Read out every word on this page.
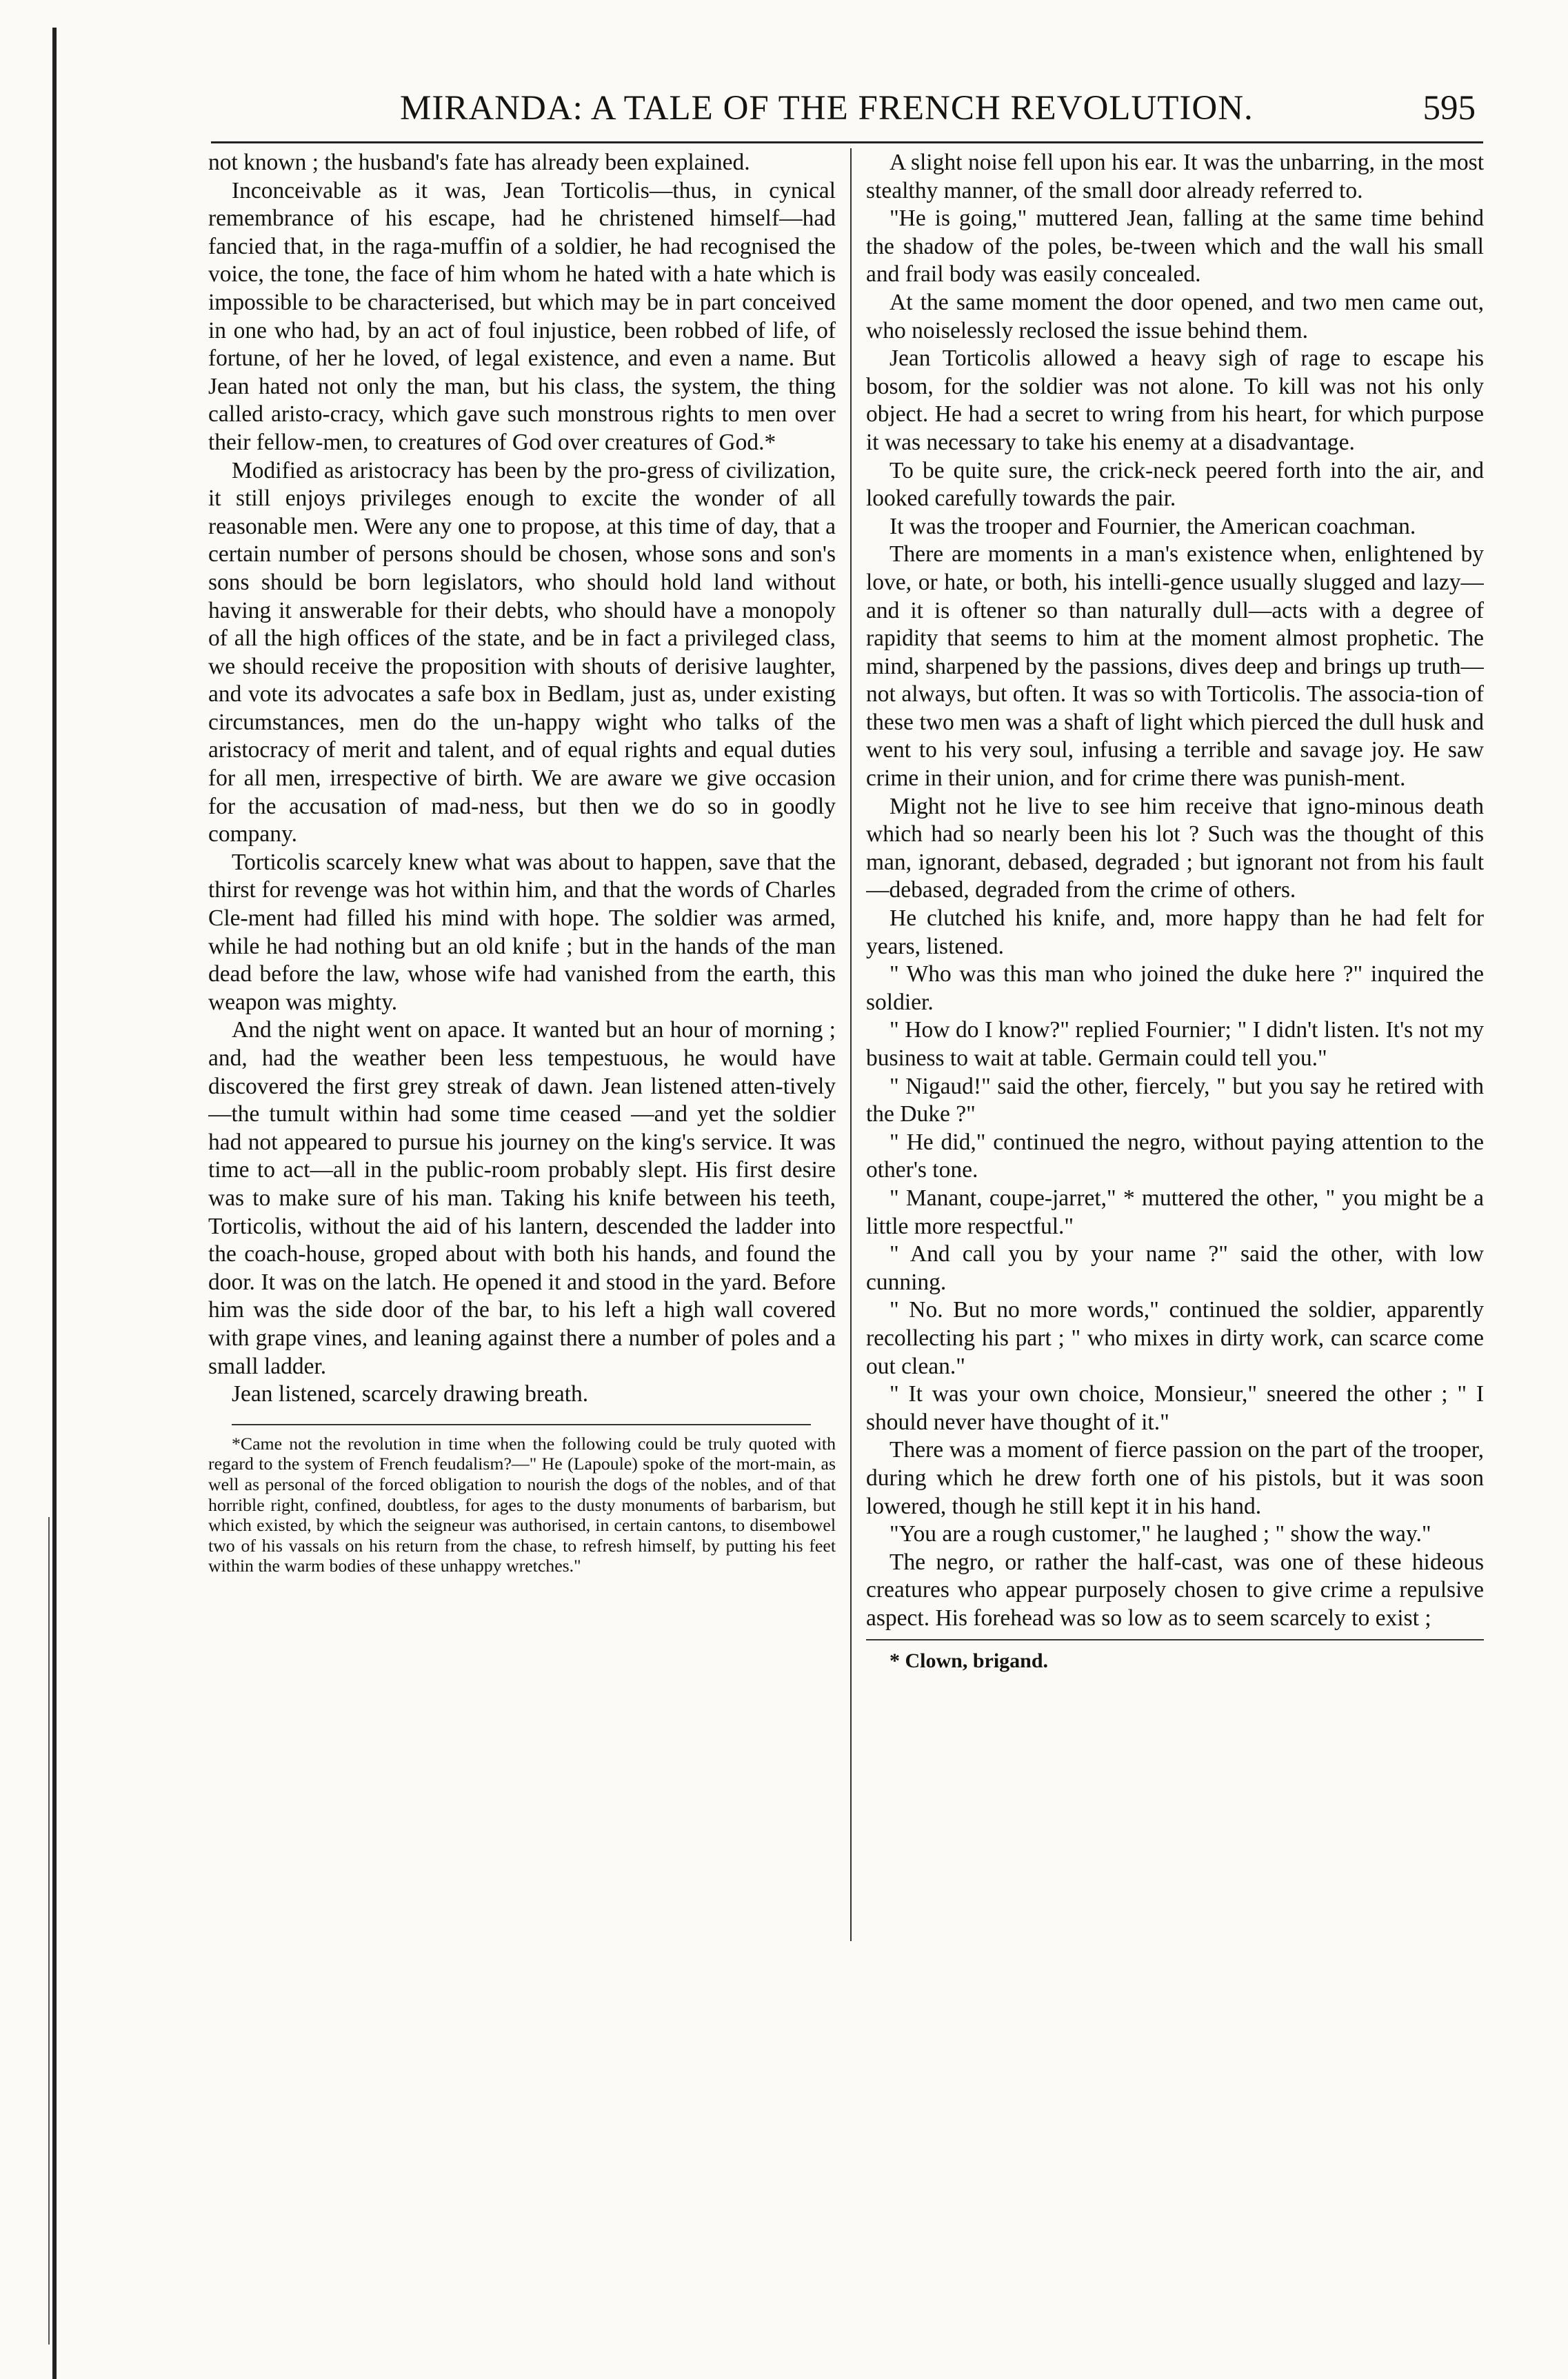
MIRANDA: A TALE OF THE FRENCH REVOLUTION.	595

not known ; the husband's fate has already been explained.

Inconceivable as it was, Jean Torticolis—thus, in cynical remembrance of his escape, had he christened himself—had fancied that, in the raga-muffin of a soldier, he had recognised the voice, the tone, the face of him whom he hated with a hate which is impossible to be characterised, but which may be in part conceived in one who had, by an act of foul injustice, been robbed of life, of fortune, of her he loved, of legal existence, and even a name. But Jean hated not only the man, but his class, the system, the thing called aristo-cracy, which gave such monstrous rights to men over their fellow-men, to creatures of God over creatures of God.*

Modified as aristocracy has been by the pro-gress of civilization, it still enjoys privileges enough to excite the wonder of all reasonable men. Were any one to propose, at this time of day, that a certain number of persons should be chosen, whose sons and son's sons should be born legislators, who should hold land without having it answerable for their debts, who should have a monopoly of all the high offices of the state, and be in fact a privileged class, we should receive the proposition with shouts of derisive laughter, and vote its advocates a safe box in Bedlam, just as, under existing circumstances, men do the un-happy wight who talks of the aristocracy of merit and talent, and of equal rights and equal duties for all men, irrespective of birth. We are aware we give occasion for the accusation of mad-ness, but then we do so in goodly company.

Torticolis scarcely knew what was about to happen, save that the thirst for revenge was hot within him, and that the words of Charles Cle-ment had filled his mind with hope. The soldier was armed, while he had nothing but an old knife ; but in the hands of the man dead before the law, whose wife had vanished from the earth, this weapon was mighty.

And the night went on apace. It wanted but an hour of morning ; and, had the weather been less tempestuous, he would have discovered the first grey streak of dawn. Jean listened atten-tively—the tumult within had some time ceased —and yet the soldier had not appeared to pursue his journey on the king's service. It was time to act—all in the public-room probably slept. His first desire was to make sure of his man. Taking his knife between his teeth, Torticolis, without the aid of his lantern, descended the ladder into the coach-house, groped about with both his hands, and found the door. It was on the latch. He opened it and stood in the yard. Before him was the side door of the bar, to his left a high wall covered with grape vines, and leaning against there a number of poles and a small ladder.

Jean listened, scarcely drawing breath.

*Came not the revolution in time when the following could be truly quoted with regard to the system of French feudalism?—" He (Lapoule) spoke of the mort-main, as well as personal of the forced obligation to nourish the dogs of the nobles, and of that horrible right, confined, doubtless, for ages to the dusty monuments of barbarism, but which existed, by which the seigneur was authorised, in certain cantons, to disembowel two of his vassals on his return from the chase, to refresh himself, by putting his feet within the warm bodies of these unhappy wretches."

A slight noise fell upon his ear. It was the unbarring, in the most stealthy manner, of the small door already referred to.

"He is going," muttered Jean, falling at the same time behind the shadow of the poles, be-tween which and the wall his small and frail body was easily concealed.

At the same moment the door opened, and two men came out, who noiselessly reclosed the issue behind them.

Jean Torticolis allowed a heavy sigh of rage to escape his bosom, for the soldier was not alone. To kill was not his only object. He had a secret to wring from his heart, for which purpose it was necessary to take his enemy at a disadvantage.

To be quite sure, the crick-neck peered forth into the air, and looked carefully towards the pair.

It was the trooper and Fournier, the American coachman.

There are moments in a man's existence when, enlightened by love, or hate, or both, his intelli-gence usually slugged and lazy—and it is oftener so than naturally dull—acts with a degree of rapidity that seems to him at the moment almost prophetic. The mind, sharpened by the passions, dives deep and brings up truth—not always, but often. It was so with Torticolis. The associa-tion of these two men was a shaft of light which pierced the dull husk and went to his very soul, infusing a terrible and savage joy. He saw crime in their union, and for crime there was punish-ment.

Might not he live to see him receive that igno-minous death which had so nearly been his lot ? Such was the thought of this man, ignorant, debased, degraded ; but ignorant not from his fault—debased, degraded from the crime of others.

He clutched his knife, and, more happy than he had felt for years, listened.

" Who was this man who joined the duke here ?" inquired the soldier.

" How do I know?" replied Fournier; " I didn't listen. It's not my business to wait at table. Germain could tell you."

" Nigaud!" said the other, fiercely, " but you say he retired with the Duke ?"

" He did," continued the negro, without paying attention to the other's tone.

" Manant, coupe-jarret," * muttered the other, " you might be a little more respectful."

" And call you by your name ?" said the other, with low cunning.

" No. But no more words," continued the soldier, apparently recollecting his part ; " who mixes in dirty work, can scarce come out clean."

" It was your own choice, Monsieur," sneered the other ; " I should never have thought of it."

There was a moment of fierce passion on the part of the trooper, during which he drew forth one of his pistols, but it was soon lowered, though he still kept it in his hand.

"You are a rough customer," he laughed ; " show the way."

The negro, or rather the half-cast, was one of these hideous creatures who appear purposely chosen to give crime a repulsive aspect. His forehead was so low as to seem scarcely to exist ;

* Clown, brigand.
